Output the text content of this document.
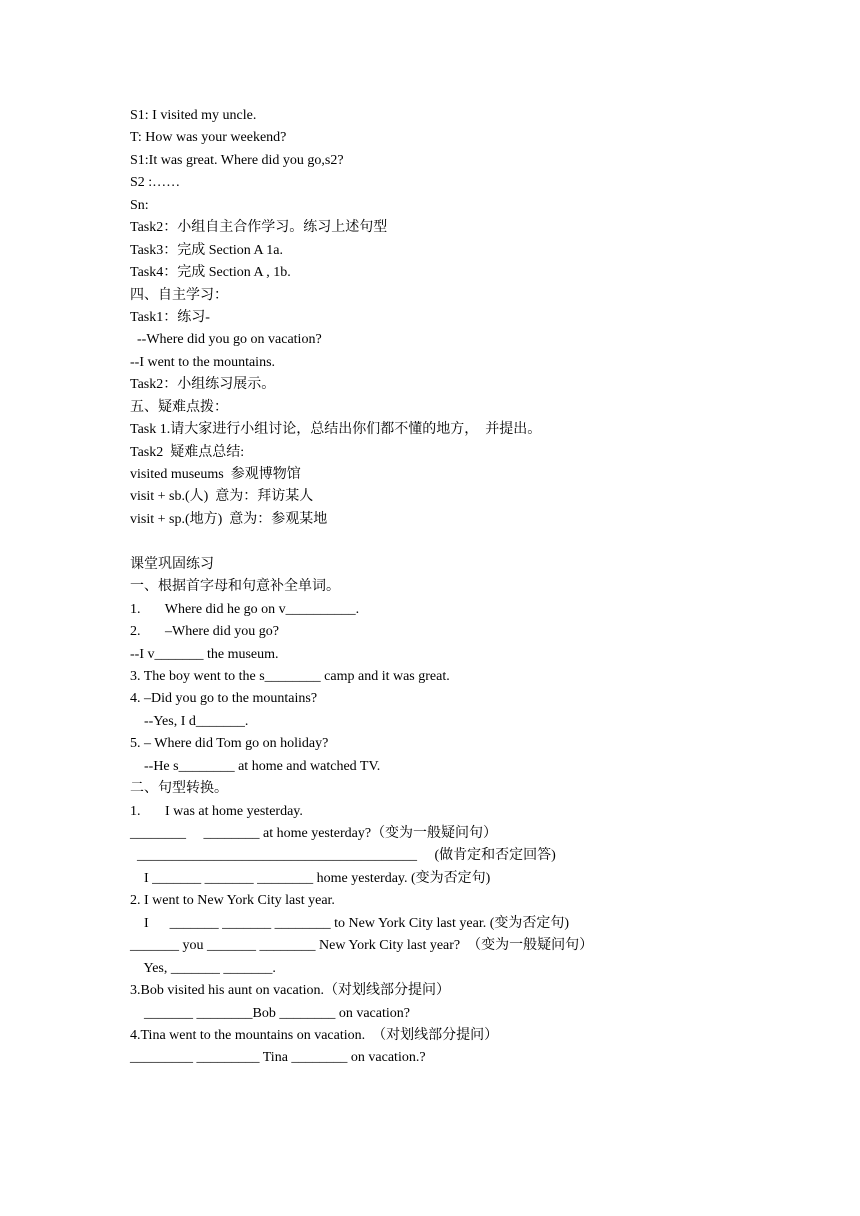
S1: I visited my uncle.
T: How was your weekend?
S1:It was great. Where did you go,s2?
S2 :……
Sn:
Task2：小组自主合作学习。练习上述句型
Task3：完成 Section A 1a.
Task4：完成 Section A , 1b.
四、自主学习：
Task1：练习-
--Where did you go on vacation?
--I went to the mountains.
Task2：小组练习展示。
五、疑难点拨：
Task 1.请大家进行小组讨论，总结出你们都不懂的地方，  并提出。
Task2  疑难点总结:
visited museums  参观博物馆
visit + sb.(人)  意为：拜访某人
visit + sp.(地方)  意为：参观某地
课堂巩固练习
一、根据首字母和句意补全单词。
1.       Where did he go on v__________.
2.       –Where did you go?
--I v_______ the museum.
3. The boy went to the s________ camp and it was great.
4. –Did you go to the mountains?
--Yes, I d_______.
5. – Where did Tom go on holiday?
--He s________ at home and watched TV.
二、句型转换。
1.       I was at home yesterday.
________     ________ at home yesterday?（变为一般疑问句）
________________________________________     (做肯定和否定回答)
I _______ _______ ________ home yesterday. (变为否定句)
2. I went to New York City last year.
I      _______ _______ ________ to New York City last year. (变为否定句)
_______ you _______ ________ New York City last year?  （变为一般疑问句）
Yes, _______ _______.
3.Bob visited his aunt on vacation.（对划线部分提问）
_______ ________Bob ________ on vacation?
4.Tina went to the mountains on vacation.  （对划线部分提问）
_________ _________ Tina ________ on vacation.?
